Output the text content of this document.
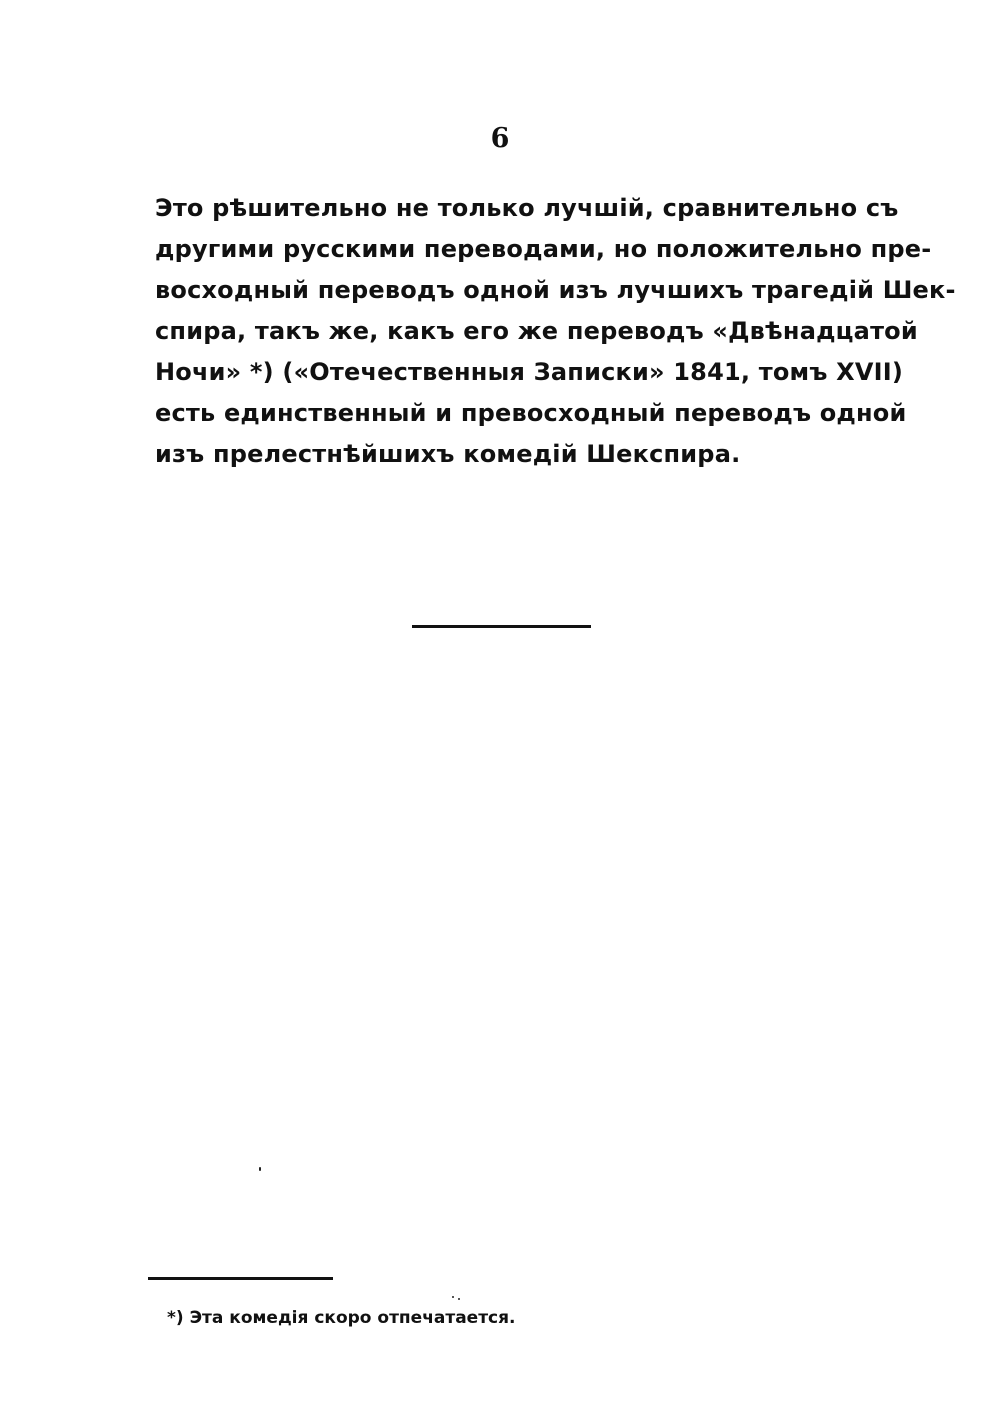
6

Это рѣшительно не только лучшій, сравнительно съ
другими русскими переводами, но положительно пре-
восходный переводъ одной изъ лучшихъ трагедій Шек-
спира, такъ же, какъ его же переводъ «Двѣнадцатой
Ночи» *) («Отечественныя Записки» 1841, томъ XVII)
есть единственный и превосходный переводъ одной
изъ прелестнѣйшихъ комедій Шекспира.

*) Эта комедія скоро отпечатается.
